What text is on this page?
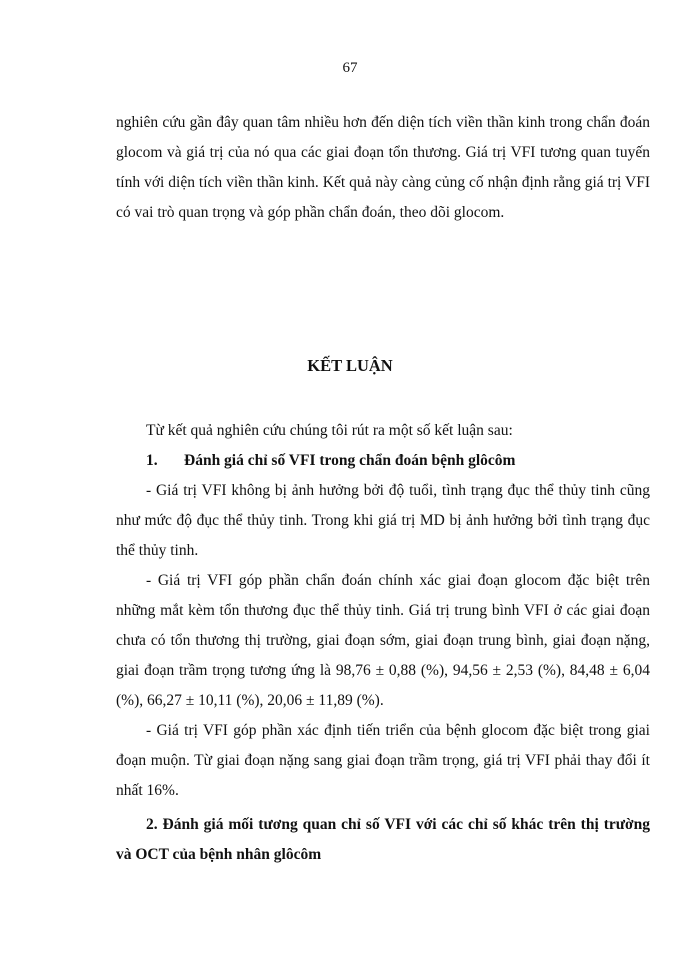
67
nghiên cứu gần đây quan tâm nhiều hơn đến diện tích viền thần kinh trong chẩn đoán glocom và giá trị của nó qua các giai đoạn tổn thương. Giá trị VFI tương quan tuyến tính với diện tích viền thần kinh. Kết quả này càng củng cố nhận định rằng giá trị VFI có vai trò quan trọng và góp phần chẩn đoán, theo dõi glocom.
KẾT LUẬN

Từ kết quả nghiên cứu chúng tôi rút ra một số kết luận sau:

1. Đánh giá chỉ số VFI trong chẩn đoán bệnh glôcôm

- Giá trị VFI không bị ảnh hưởng bởi độ tuổi, tình trạng đục thể thủy tinh cũng như mức độ đục thể thủy tinh. Trong khi giá trị MD bị ảnh hưởng bởi tình trạng đục thể thủy tinh.

- Giá trị VFI góp phần chẩn đoán chính xác giai đoạn glocom đặc biệt trên những mắt kèm tổn thương đục thể thủy tinh. Giá trị trung bình VFI ở các giai đoạn chưa có tổn thương thị trường, giai đoạn sớm, giai đoạn trung bình, giai đoạn nặng, giai đoạn trầm trọng tương ứng là 98,76 ± 0,88 (%), 94,56 ± 2,53 (%), 84,48 ± 6,04 (%), 66,27 ± 10,11 (%), 20,06 ± 11,89 (%).

- Giá trị VFI góp phần xác định tiến triển của bệnh glocom đặc biệt trong giai đoạn muộn. Từ giai đoạn nặng sang giai đoạn trầm trọng, giá trị VFI phải thay đổi ít nhất 16%.

2. Đánh giá mối tương quan chỉ số VFI với các chỉ số khác trên thị trường và OCT của bệnh nhân glôcôm
